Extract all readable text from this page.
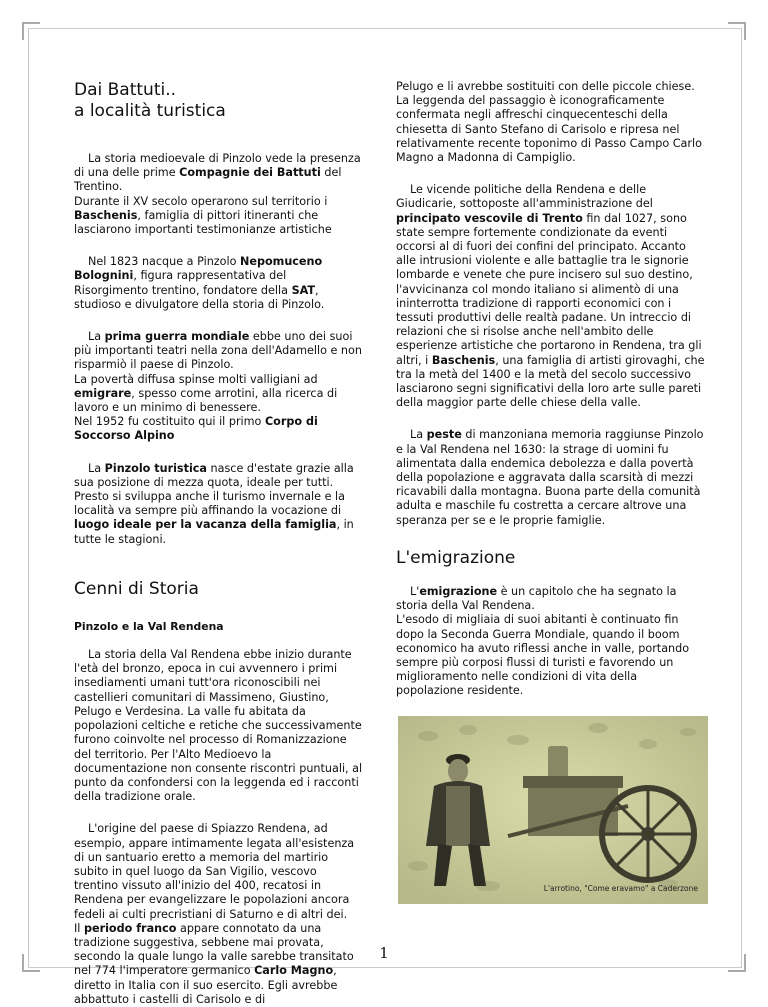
Dai Battuti..
a località turistica

La storia medioevale di Pinzolo vede la presenza di una delle prime Compagnie dei Battuti del Trentino.
Durante il XV secolo operarono sul territorio i Baschenis, famiglia di pittori itineranti che lasciarono importanti testimonianze artistiche

Nel 1823 nacque a Pinzolo Nepomuceno Bolognini, figura rappresentativa del Risorgimento trentino, fondatore della SAT, studioso e divulgatore della storia di Pinzolo.

La prima guerra mondiale ebbe uno dei suoi più importanti teatri nella zona dell'Adamello e non risparmiò il paese di Pinzolo.
La povertà diffusa spinse molti valligiani ad emigrare, spesso come arrotini, alla ricerca di lavoro e un minimo di benessere.
Nel 1952 fu costituito qui il primo Corpo di Soccorso Alpino

La Pinzolo turistica nasce d'estate grazie alla sua posizione di mezza quota, ideale per tutti. Presto si sviluppa anche il turismo invernale e la località va sempre più affinando la vocazione di luogo ideale per la vacanza della famiglia, in tutte le stagioni.

Cenni di Storia
Pinzolo e la Val Rendena

La storia della Val Rendena ebbe inizio durante l'età del bronzo, epoca in cui avvennero i primi insediamenti umani tutt'ora riconoscibili nei castellieri comunitari di Massimeno, Giustino, Pelugo e Verdesina. La valle fu abitata da popolazioni celtiche e retiche che successivamente furono coinvolte nel processo di Romanizzazione del territorio. Per l'Alto Medioevo la documentazione non consente riscontri puntuali, al punto da confondersi con la leggenda ed i racconti della tradizione orale.

L'origine del paese di Spiazzo Rendena, ad esempio, appare intimamente legata all'esistenza di un santuario eretto a memoria del martirio subito in quel luogo da San Vigilio, vescovo trentino vissuto all'inizio del 400, recatosi in Rendena per evangelizzare le popolazioni ancora fedeli ai culti precristiani di Saturno e di altri dei.
Il periodo franco appare connotato da una tradizione suggestiva, sebbene mai provata, secondo la quale lungo la valle sarebbe transitato nel 774 l'imperatore germanico Carlo Magno, diretto in Italia con il suo esercito. Egli avrebbe abbattuto i castelli di Carisolo e di

Pelugo e li avrebbe sostituiti con delle piccole chiese. La leggenda del passaggio è iconograficamente confermata negli affreschi cinquecenteschi della chiesetta di Santo Stefano di Carisolo e ripresa nel relativamente recente toponimo di Passo Campo Carlo Magno a Madonna di Campiglio.

Le vicende politiche della Rendena e delle Giudicarie, sottoposte all'amministrazione del principato vescovile di Trento fin dal 1027, sono state sempre fortemente condizionate da eventi occorsi al di fuori dei confini del principato. Accanto alle intrusioni violente e alle battaglie tra le signorie lombarde e venete che pure incisero sul suo destino, l'avvicinanza col mondo italiano si alimentò di una ininterrotta tradizione di rapporti economici con i tessuti produttivi delle realtà padane. Un intreccio di relazioni che si risolse anche nell'ambito delle esperienze artistiche che portarono in Rendena, tra gli altri, i Baschenis, una famiglia di artisti girovaghi, che tra la metà del 1400 e la metà del secolo successivo lasciarono segni significativi della loro arte sulle pareti della maggior parte delle chiese della valle.

La peste di manzoniana memoria raggiunse Pinzolo e la Val Rendena nel 1630: la strage di uomini fu alimentata dalla endemica debolezza e dalla povertà della popolazione e aggravata dalla scarsità di mezzi ricavabili dalla montagna. Buona parte della comunità adulta e maschile fu costretta a cercare altrove una speranza per se e le proprie famiglie.

L'emigrazione

L'emigrazione è un capitolo che ha segnato la storia della Val Rendena.
L'esodo di migliaia di suoi abitanti è continuato fin dopo la Seconda Guerra Mondiale, quando il boom economico ha avuto riflessi anche in valle, portando sempre più corposi flussi di turisti e favorendo un miglioramento nelle condizioni di vita della popolazione residente.

L'arrotino, "Come eravamo" a Caderzone
1
